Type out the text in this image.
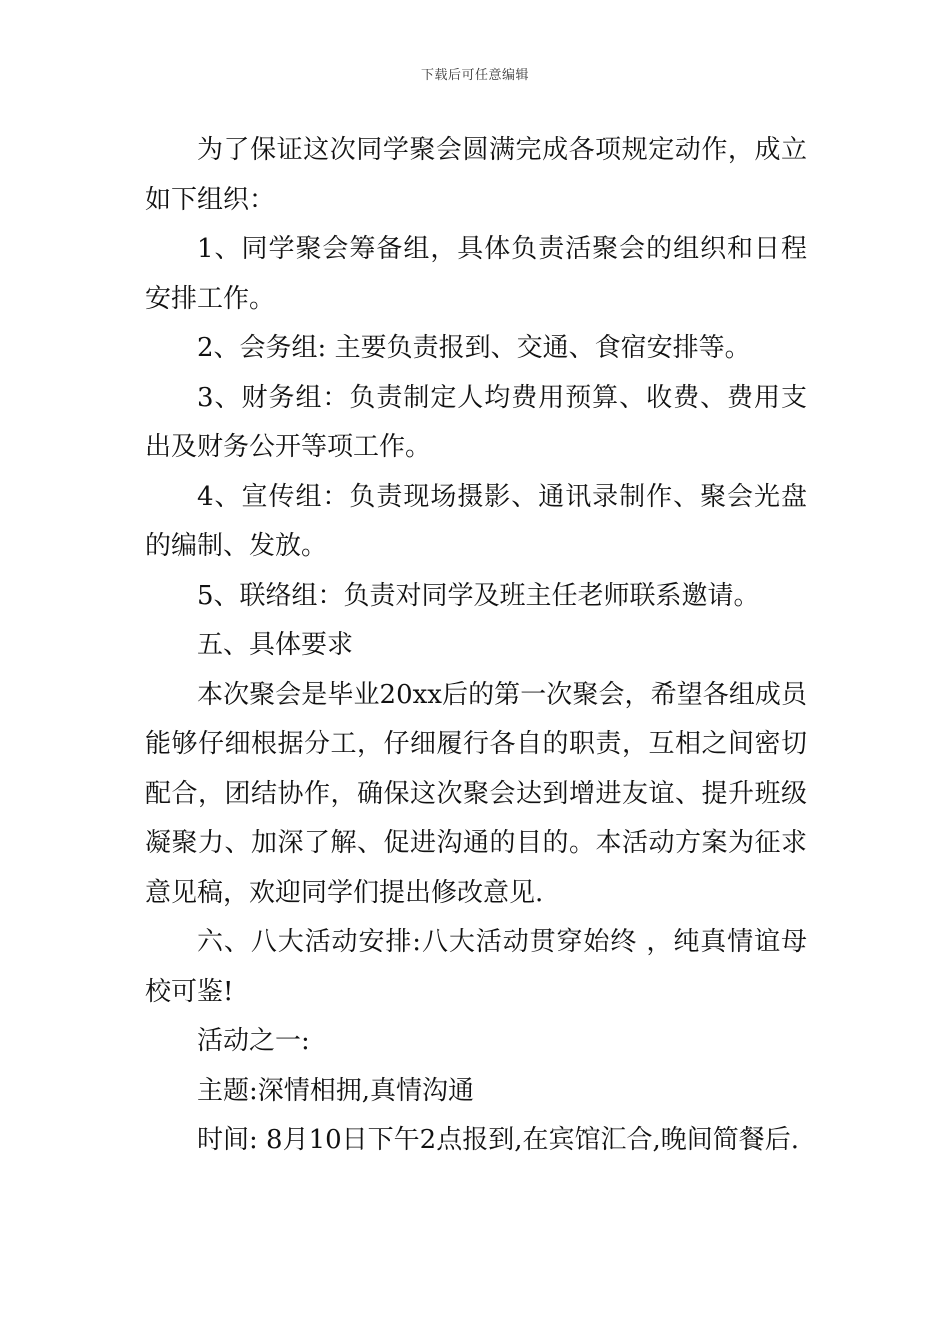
下载后可任意编辑

为了保证这次同学聚会圆满完成各项规定动作，成立如下组织：

1、同学聚会筹备组，具体负责活聚会的组织和日程安排工作。

2、会务组: 主要负责报到、交通、食宿安排等。

3、财务组：负责制定人均费用预算、收费、费用支出及财务公开等项工作。

4、宣传组：负责现场摄影、通讯录制作、聚会光盘的编制、发放。

5、联络组：负责对同学及班主任老师联系邀请。

五、具体要求

本次聚会是毕业20xx后的第一次聚会，希望各组成员能够仔细根据分工，仔细履行各自的职责，互相之间密切配合，团结协作，确保这次聚会达到增进友谊、提升班级凝聚力、加深了解、促进沟通的目的。本活动方案为征求意见稿，欢迎同学们提出修改意见.

六、八大活动安排:八大活动贯穿始终 ，纯真情谊母校可鉴!

活动之一:

主题:深情相拥,真情沟通

时间: 8月10日下午2点报到,在宾馆汇合,晚间简餐后.
